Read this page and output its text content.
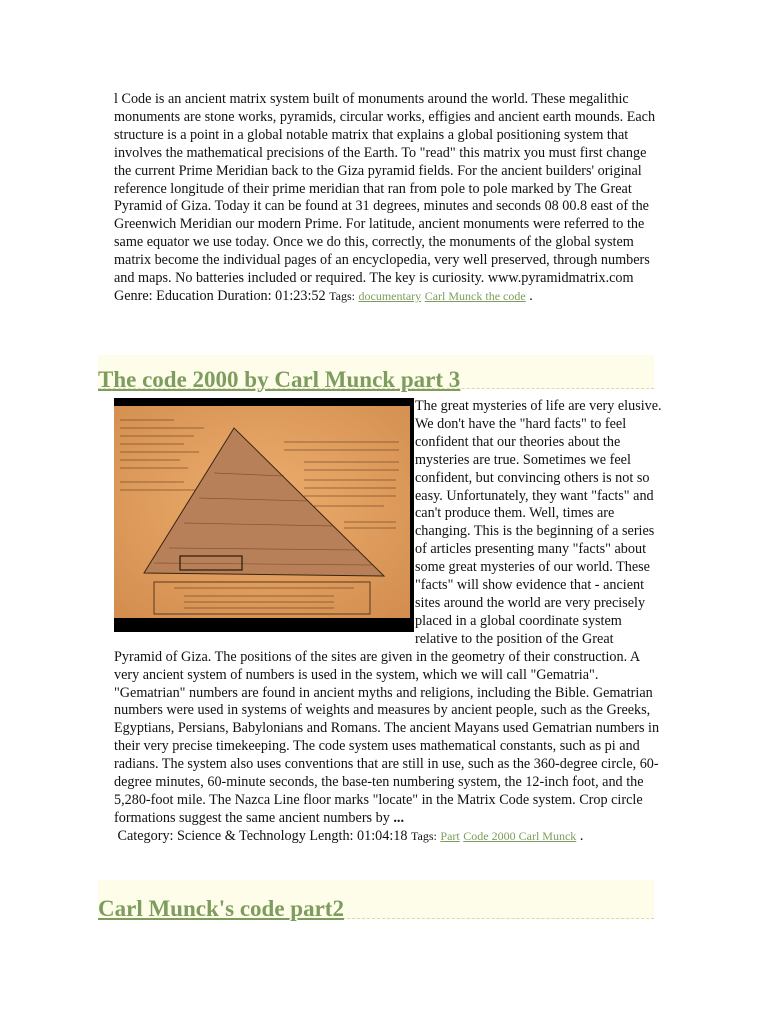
l Code is an ancient matrix system built of monuments around the world. These megalithic monuments are stone works, pyramids, circular works, effigies and ancient earth mounds. Each structure is a point in a global notable matrix that explains a global positioning system that involves the mathematical precisions of the Earth. To "read" this matrix you must first change the current Prime Meridian back to the Giza pyramid fields. For the ancient builders' original reference longitude of their prime meridian that ran from pole to pole marked by The Great Pyramid of Giza. Today it can be found at 31 degrees, minutes and seconds 08 00.8 east of the Greenwich Meridian our modern Prime. For latitude, ancient monuments were referred to the same equator we use today. Once we do this, correctly, the monuments of the global system matrix become the individual pages of an encyclopedia, very well preserved, through numbers and maps. No batteries included or required. The key is curiosity. www.pyramidmatrix.com Genre: Education Duration: 01:23:52 Tags: documentary Carl Munck the code .

The code 2000 by Carl Munck part 3

The great mysteries of life are very elusive. We don't have the "hard facts" to feel confident that our theories about the mysteries are true. Sometimes we feel confident, but convincing others is not so easy. Unfortunately, they want "facts" and can't produce them. Well, times are changing. This is the beginning of a series of articles presenting many "facts" about some great mysteries of our world. These "facts" will show evidence that - ancient sites around the world are very precisely placed in a global coordinate system relative to the position of the Great Pyramid of Giza. The positions of the sites are given in the geometry of their construction. A very ancient system of numbers is used in the system, which we will call "Gematria". "Gematrian" numbers are found in ancient myths and religions, including the Bible. Gematrian numbers were used in systems of weights and measures by ancient people, such as the Greeks, Egyptians, Persians, Babylonians and Romans. The ancient Mayans used Gematrian numbers in their very precise timekeeping. The code system uses mathematical constants, such as pi and radians. The system also uses conventions that are still in use, such as the 360-degree circle, 60-degree minutes, 60-minute seconds, the base-ten numbering system, the 12-inch foot, and the 5,280-foot mile. The Nazca Line floor marks "locate" in the Matrix Code system. Crop circle formations suggest the same ancient numbers by ...

Category: Science & Technology Length: 01:04:18 Tags: Part Code 2000 Carl Munck .
Carl Munck's code part2
